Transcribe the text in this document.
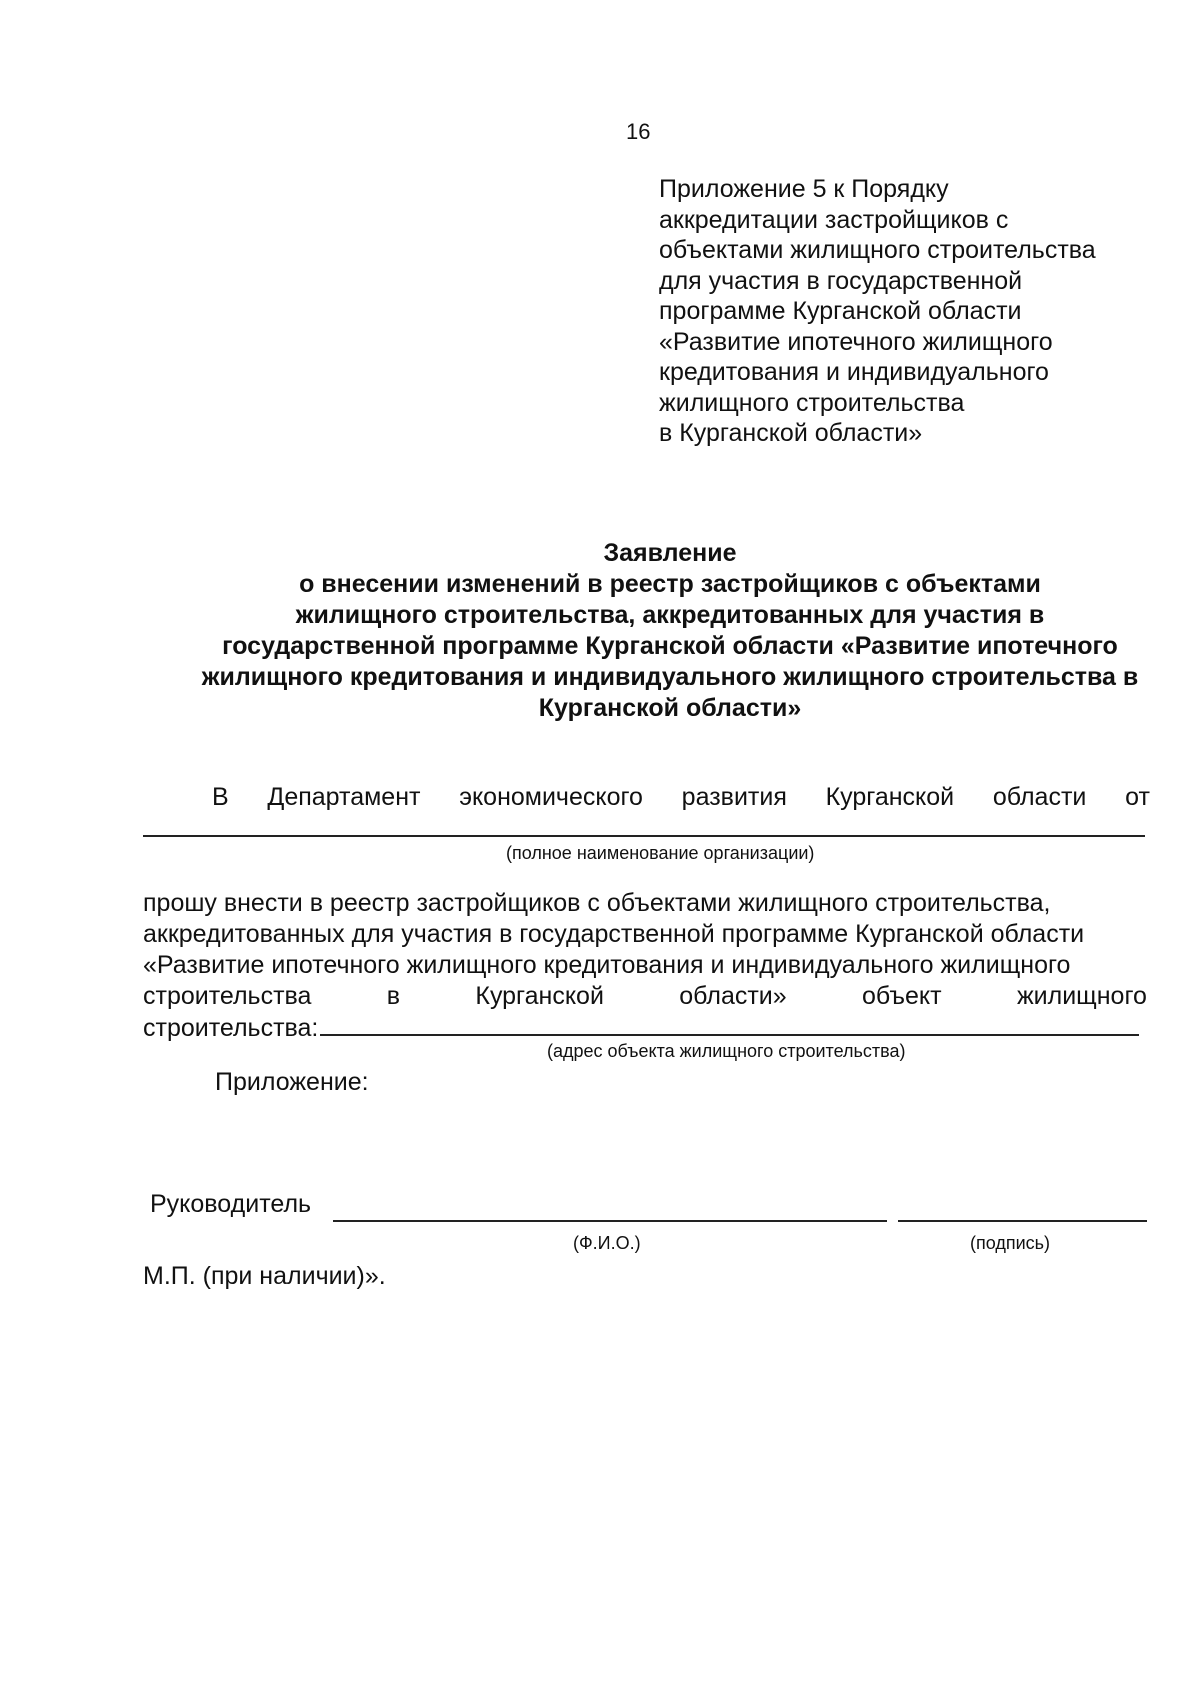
16
Приложение 5 к Порядку
аккредитации застройщиков с
объектами жилищного строительства
для участия в государственной
программе Курганской области
«Развитие ипотечного жилищного
кредитования и индивидуального
жилищного строительства
в Курганской области»
Заявление
о внесении изменений в реестр застройщиков с объектами
жилищного строительства, аккредитованных для участия в
государственной программе Курганской области «Развитие ипотечного
жилищного кредитования и индивидуального жилищного строительства в
Курганской области»
В Департамент экономического развития Курганской области от
(полное наименование организации)
прошу внести в реестр застройщиков с объектами жилищного строительства,
аккредитованных для участия в государственной программе Курганской области
«Развитие ипотечного жилищного кредитования и индивидуального жилищного
строительства	в	Курганской	области»	объект	жилищного
строительства:
(адрес объекта жилищного строительства)
Приложение:
Руководитель
(Ф.И.О.)	(подпись)
М.П. (при наличии)».
